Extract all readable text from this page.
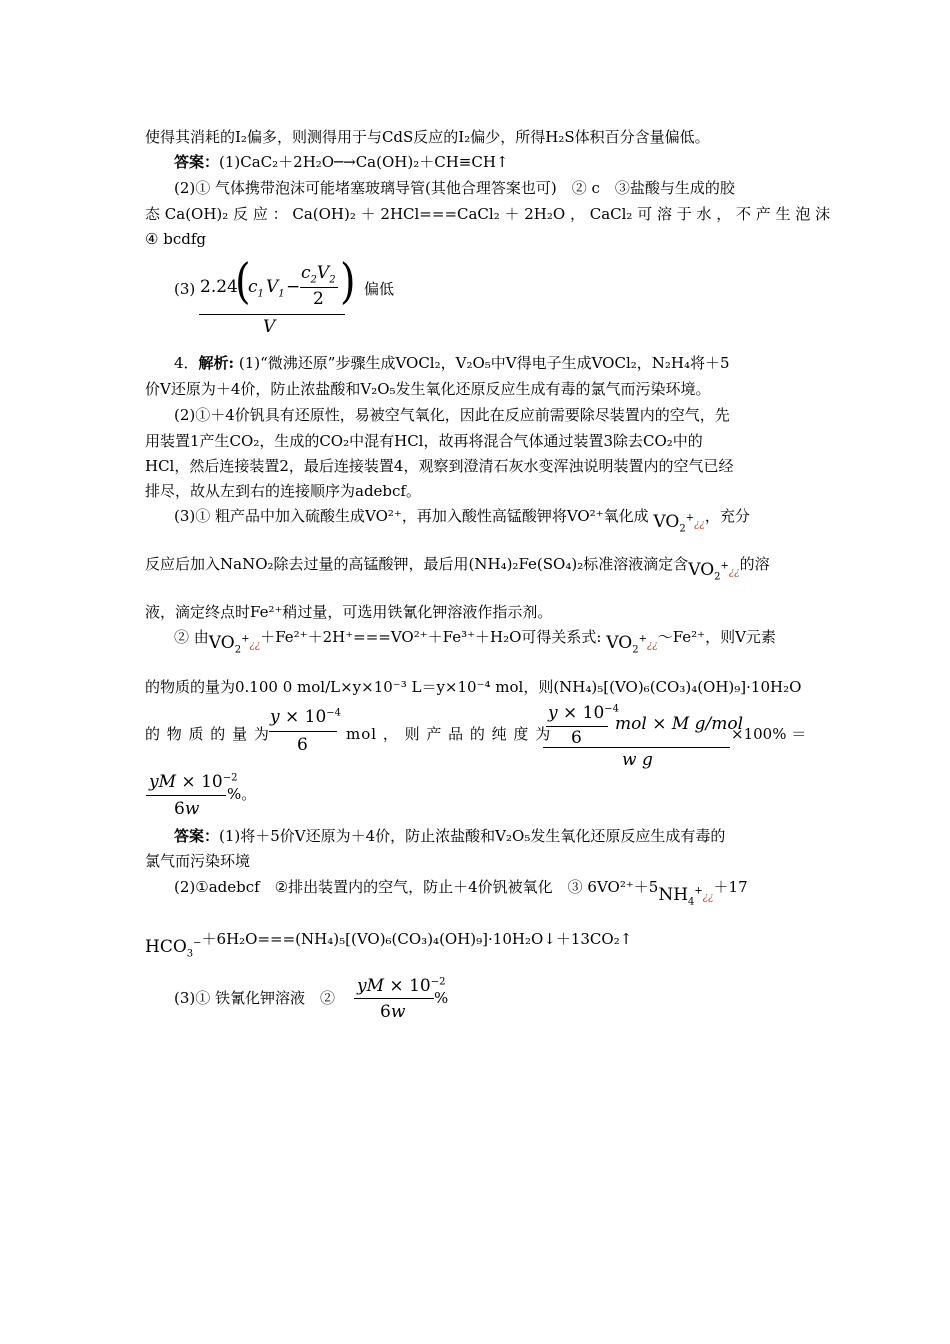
使得其消耗的I₂偏多，则测得用于与CdS反应的I₂偏少，所得H₂S体积百分含量偏低。
答案：(1)CaC₂＋2H₂O─→Ca(OH)₂＋CH≡CH↑
(2)① 气体携带泡沫可能堵塞玻璃导管(其他合理答案也可)　② c　③盐酸与生成的胶
态 Ca(OH)₂ 反 应 ： Ca(OH)₂ ＋ 2HCl===CaCl₂ ＋ 2H₂O ， CaCl₂ 可 溶 于 水 ， 不 产 生 泡 沫
④ bcdfg
(3) 2.24
(
$c_1$ $V_1$ −
$c_2V_2$
2 ) 偏低
V
4．解析: (1)“微沸还原”步骤生成VOCl₂，V₂O₅中V得电子生成VOCl₂，N₂H₄将＋5
价V还原为＋4价，防止浓盐酸和V₂O₅发生氧化还原反应生成有毒的氯气而污染环境。
(2)①＋4价钒具有还原性，易被空气氧化，因此在反应前需要除尽装置内的空气，先
用装置1产生CO₂，生成的CO₂中混有HCl，故再将混合气体通过装置3除去CO₂中的
HCl，然后连接装置2，最后连接装置4，观察到澄清石灰水变浑浊说明装置内的空气已经
排尽，故从左到右的连接顺序为adebcf。
(3)① 粗产品中加入硫酸生成VO²⁺，再加入酸性高锰酸钾将VO²⁺氧化成 $VO_2^+¿¿$，充分
反应后加入NaNO₂除去过量的高锰酸钾，最后用(NH₄)₂Fe(SO₄)₂标准溶液滴定含$VO_2^+¿¿$的溶
液，滴定终点时Fe²⁺稍过量，可选用铁氰化钾溶液作指示剂。
② 由$VO_2^+¿¿+Fe^{2+}+2H^+===VO^{2+}+Fe^{3+}+H_2O$可得关系式: $VO_2^+¿¿\sim Fe^{2+}$，则V元素
的物质的量为0.100 0 mol/L×y×10⁻³ L＝y×10⁻⁴ mol，则(NH₄)₅[(VO)₆(CO₃)₄(OH)₉]·10H₂O
的 物 质 的 量 为
$y \times 10^{-4}$
6
mol ， 则 产 品 的 纯 度 为
$y \times 10^{-4}$
6
mol × M g/mol
w g
×100% ＝
yM × $10^{-2}$
6w
%。
答案：(1)将＋5价V还原为＋4价，防止浓盐酸和V₂O₅发生氧化还原反应生成有毒的
氯气而污染环境
(2)①adebcf　②排出装置内的空气，防止＋4价钒被氧化　③ $6VO^{2+}+5NH_4^+¿¿+17$
$HCO_3^-+6H_2O===(NH_4)_5[(VO)_6(CO_3)_4(OH)_9]\cdot 10H_2O↓+13CO_2↑$
(3)① 铁氰化钾溶液　②
yM × $10^{-2}$
6w
%
